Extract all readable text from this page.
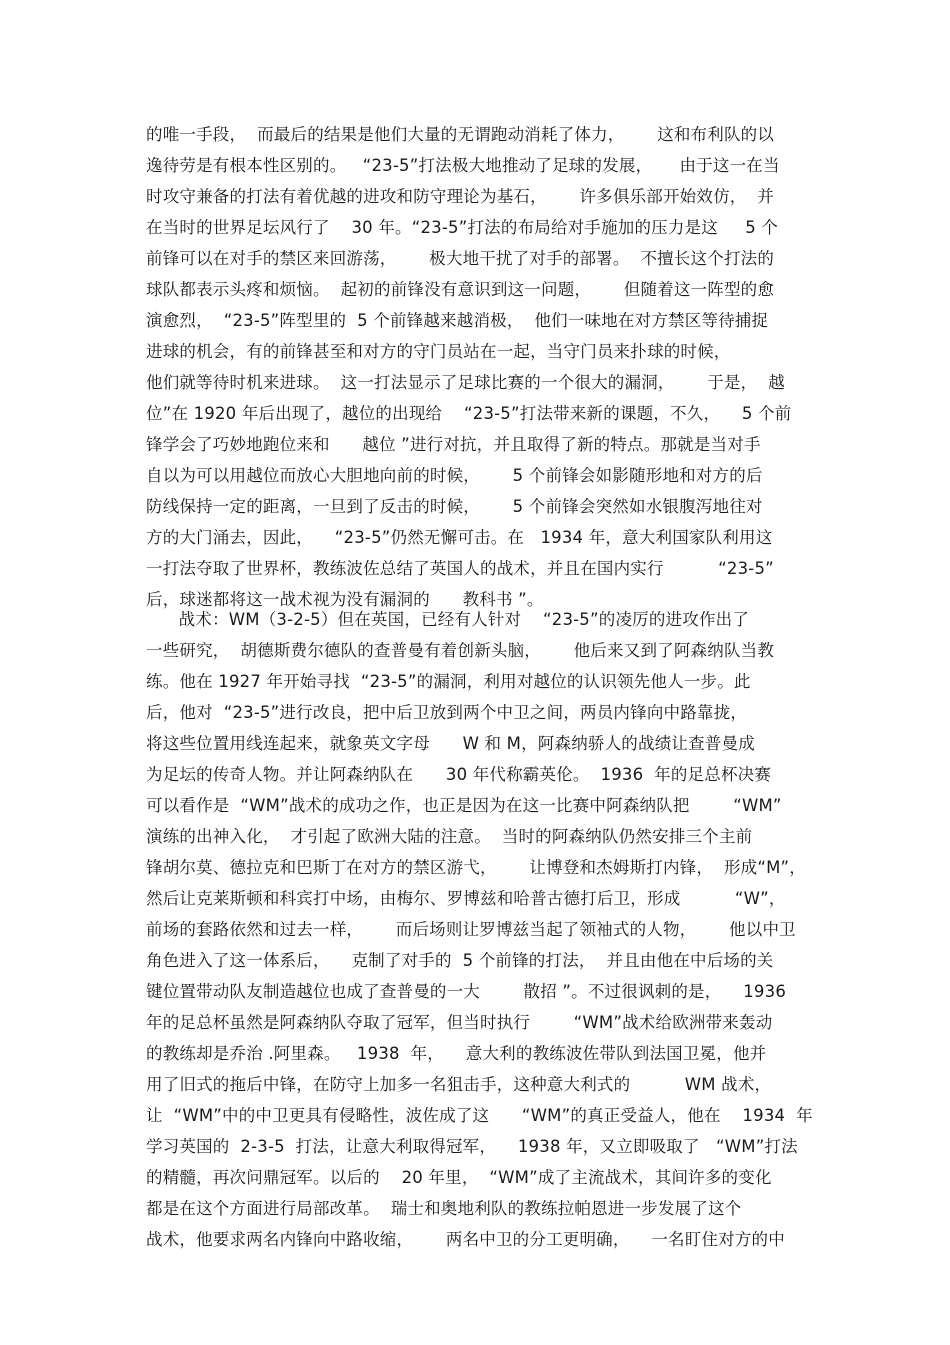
的唯一手段，  而最后的结果是他们大量的无谓跑动消耗了体力，      这和布利队的以
逸待劳是有根本性区别的。   “23-5”打法极大地推动了足球的发展，     由于这一在当
时攻守兼备的打法有着优越的进攻和防守理论为基石，      许多俱乐部开始效仿，  并
在当时的世界足坛风行了    30 年。“23-5”打法的布局给对手施加的压力是这     5 个
前锋可以在对手的禁区来回游荡，      极大地干扰了对手的部署。  不擅长这个打法的
球队都表示头疼和烦恼。  起初的前锋没有意识到这一问题，      但随着这一阵型的愈
演愈烈，  “23-5”阵型里的  5 个前锋越来越消极，  他们一味地在对方禁区等待捕捉
进球的机会，有的前锋甚至和对方的守门员站在一起，当守门员来扑球的时候，
他们就等待时机来进球。  这一打法显示了足球比赛的一个很大的漏洞，      于是，  越
位”在 1920 年后出现了，越位的出现给    “23-5”打法带来新的课题，不久，    5 个前
锋学会了巧妙地跑位来和      越位 ”进行对抗，并且取得了新的特点。那就是当对手
自以为可以用越位而放心大胆地向前的时候，      5 个前锋会如影随形地和对方的后
防线保持一定的距离，一旦到了反击的时候，      5 个前锋会突然如水银腹泻地往对
方的大门涌去，因此，    “23-5”仍然无懈可击。在   1934 年，意大利国家队利用这
一打法夺取了世界杯，教练波佐总结了英国人的战术，并且在国内实行          “23-5”
后，球迷都将这一战术视为没有漏洞的      教科书 ”。
战术：WM（3-2-5）但在英国，已经有人针对    “23-5”的凌厉的进攻作出了
一些研究，  胡德斯费尔德队的查普曼有着创新头脑，      他后来又到了阿森纳队当教
练。他在 1927 年开始寻找  “23-5”的漏洞，利用对越位的认识领先他人一步。此
后，他对  “23-5”进行改良，把中后卫放到两个中卫之间，两员内锋向中路靠拢，
将这些位置用线连起来，就象英文字母      W 和 M，阿森纳骄人的战绩让查普曼成
为足坛的传奇人物。并让阿森纳队在      30 年代称霸英伦。  1936  年的足总杯决赛
可以看作是  “WM”战术的成功之作，也正是因为在这一比赛中阿森纳队把        “WM”
演练的出神入化，  才引起了欧洲大陆的注意。  当时的阿森纳队仍然安排三个主前
锋胡尔莫、德拉克和巴斯丁在对方的禁区游弋，      让博登和杰姆斯打内锋，  形成“M”，
然后让克莱斯顿和科宾打中场，由梅尔、罗博兹和哈普古德打后卫，形成          “W”，
前场的套路依然和过去一样，      而后场则让罗博兹当起了领袖式的人物，      他以中卫
角色进入了这一体系后，    克制了对手的  5 个前锋的打法，  并且由他在中后场的关
键位置带动队友制造越位也成了查普曼的一大        散招 ”。不过很讽刺的是，    1936
年的足总杯虽然是阿森纳队夺取了冠军，但当时执行        “WM”战术给欧洲带来轰动
的教练却是乔治 .阿里森。   1938  年，    意大利的教练波佐带队到法国卫冕，他并
用了旧式的拖后中锋，在防守上加多一名狙击手，这种意大利式的          WM 战术，
让  “WM”中的中卫更具有侵略性，波佐成了这      “WM”的真正受益人，他在    1934  年
学习英国的  2-3-5  打法，让意大利取得冠军，    1938 年，又立即吸取了   “WM”打法
的精髓，再次问鼎冠军。以后的    20 年里，  “WM”成了主流战术，其间许多的变化
都是在这个方面进行局部改革。  瑞士和奥地利队的教练拉帕恩进一步发展了这个
战术，他要求两名内锋向中路收缩，      两名中卫的分工更明确，    一名盯住对方的中
